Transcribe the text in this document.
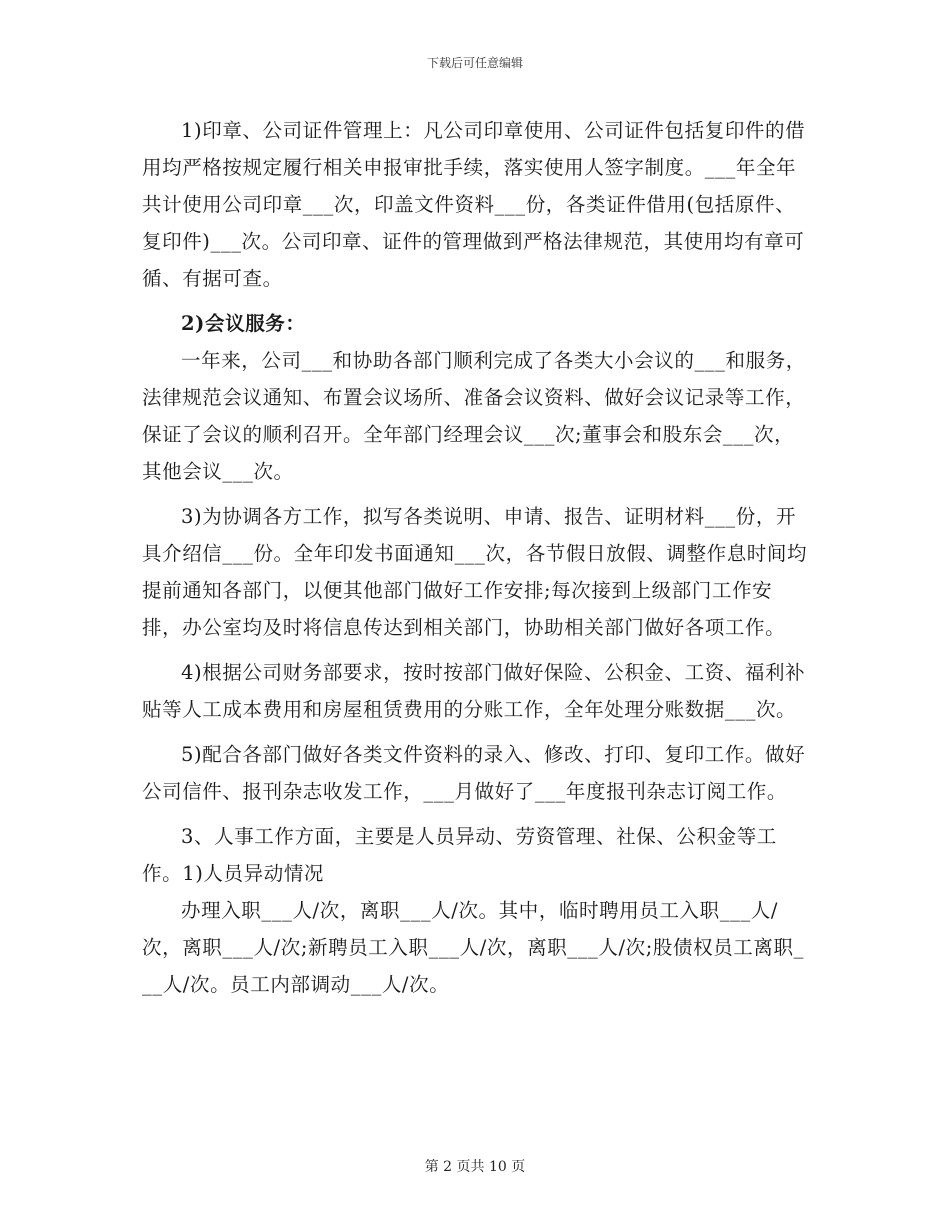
下载后可任意编辑

1)印章、公司证件管理上：凡公司印章使用、公司证件包括复印件的借用均严格按规定履行相关申报审批手续，落实使用人签字制度。___年全年共计使用公司印章___次，印盖文件资料___份，各类证件借用(包括原件、复印件)___次。公司印章、证件的管理做到严格法律规范，其使用均有章可循、有据可查。

2)会议服务：

一年来，公司___和协助各部门顺利完成了各类大小会议的___和服务，法律规范会议通知、布置会议场所、准备会议资料、做好会议记录等工作，保证了会议的顺利召开。全年部门经理会议___次;董事会和股东会___次，其他会议___次。

3)为协调各方工作，拟写各类说明、申请、报告、证明材料___份，开具介绍信___份。全年印发书面通知___次，各节假日放假、调整作息时间均提前通知各部门，以便其他部门做好工作安排;每次接到上级部门工作安排，办公室均及时将信息传达到相关部门，协助相关部门做好各项工作。

4)根据公司财务部要求，按时按部门做好保险、公积金、工资、福利补贴等人工成本费用和房屋租赁费用的分账工作，全年处理分账数据___次。

5)配合各部门做好各类文件资料的录入、修改、打印、复印工作。做好公司信件、报刊杂志收发工作，___月做好了___年度报刊杂志订阅工作。

3、人事工作方面，主要是人员异动、劳资管理、社保、公积金等工作。1)人员异动情况

办理入职___人/次，离职___人/次。其中，临时聘用员工入职___人/次，离职___人/次;新聘员工入职___人/次，离职___人/次;股债权员工离职___人/次。员工内部调动___人/次。

第 2 页共 10 页
